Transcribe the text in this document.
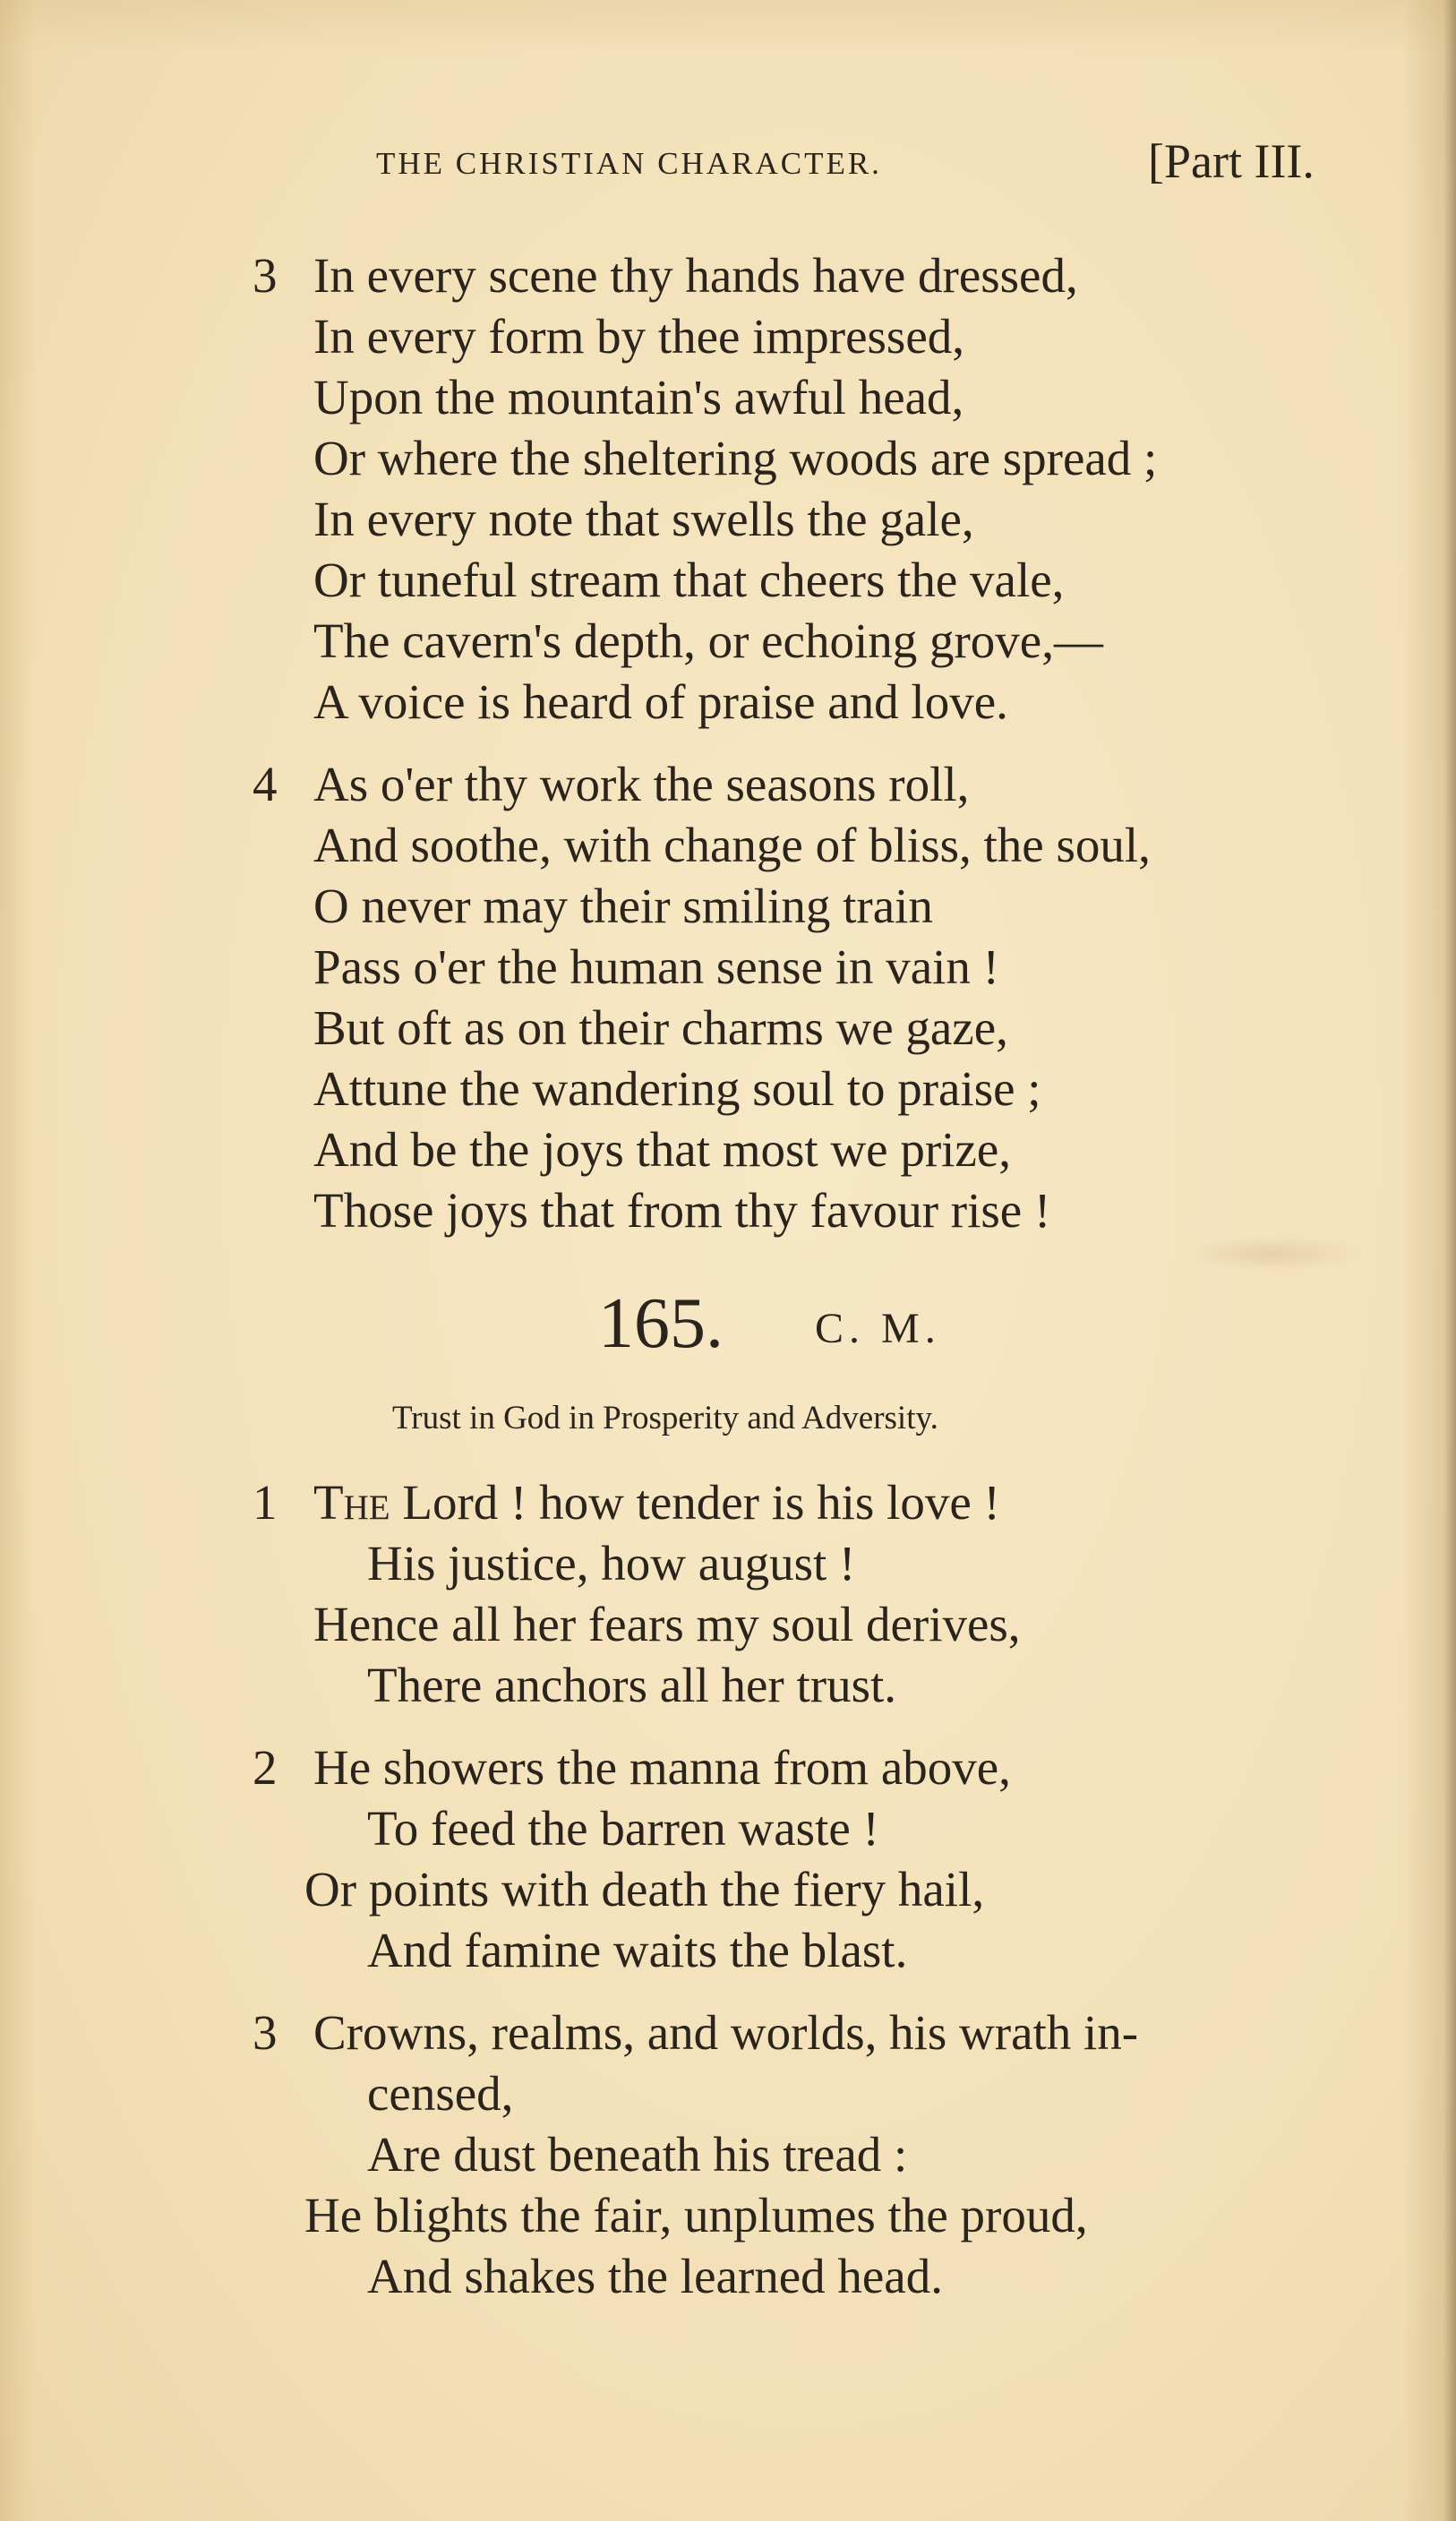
THE CHRISTIAN CHARACTER.	[Part III.
3 In every scene thy hands have dressed,
In every form by thee impressed,
Upon the mountain's awful head,
Or where the sheltering woods are spread ;
In every note that swells the gale,
Or tuneful stream that cheers the vale,
The cavern's depth, or echoing grove,—
A voice is heard of praise and love.
4 As o'er thy work the seasons roll,
And soothe, with change of bliss, the soul,
O never may their smiling train
Pass o'er the human sense in vain !
But oft as on their charms we gaze,
Attune the wandering soul to praise ;
And be the joys that most we prize,
Those joys that from thy favour rise !
165. C. M.
Trust in God in Prosperity and Adversity.
1 The Lord ! how tender is his love !
His justice, how august !
Hence all her fears my soul derives,
There anchors all her trust.
2 He showers the manna from above,
To feed the barren waste !
Or points with death the fiery hail,
And famine waits the blast.
3 Crowns, realms, and worlds, his wrath in-
censed,
Are dust beneath his tread :
He blights the fair, unplumes the proud,
And shakes the learned head.
